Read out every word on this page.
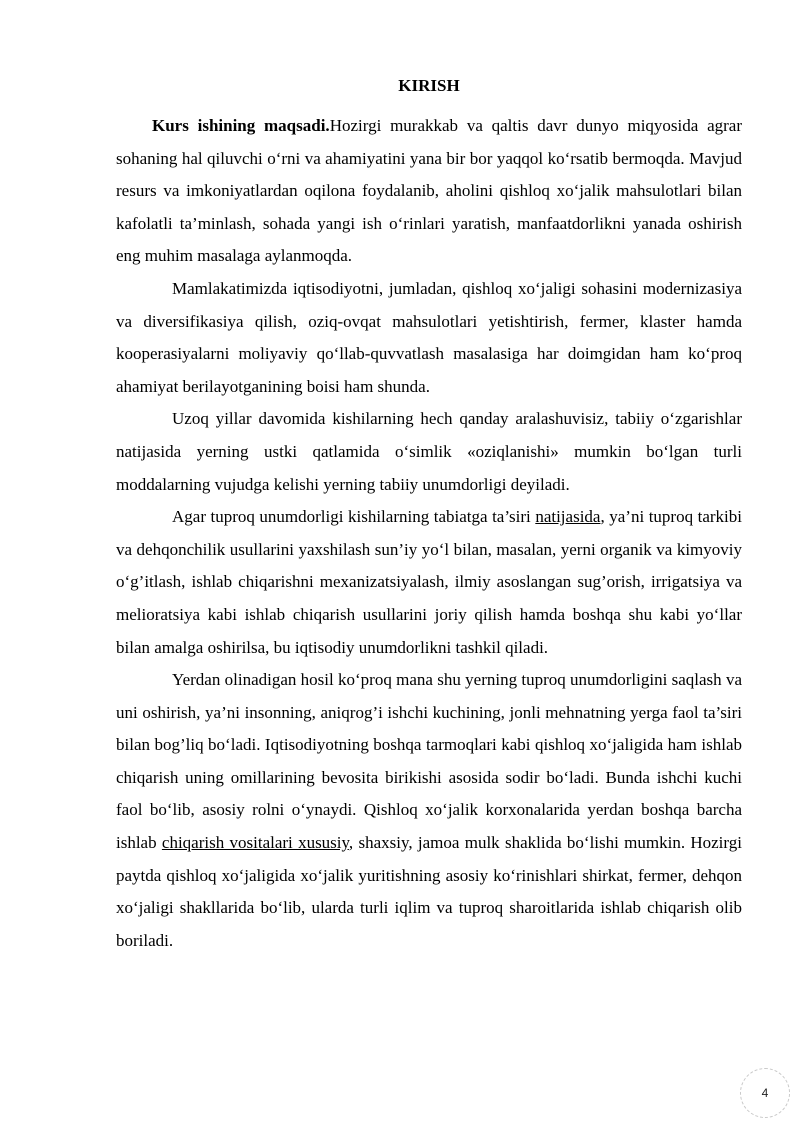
KIRISH

Kurs ishining maqsadi.Hozirgi murakkab va qaltis davr dunyo miqyosida agrar sohaning hal qiluvchi o‘rni va ahamiyatini yana bir bor yaqqol ko‘rsatib bermoqda. Mavjud resurs va imkoniyatlardan oqilona foydalanib, aholini qishloq xo‘jalik mahsulotlari bilan kafolatli ta’minlash, sohada yangi ish o‘rinlari yaratish, manfaatdorlikni yanada oshirish eng muhim masalaga aylanmoqda.

Mamlakatimizda iqtisodiyotni, jumladan, qishloq xo‘jaligi sohasini modernizasiya va diversifikasiya qilish, oziq-ovqat mahsulotlari yetishtirish, fermer, klaster hamda kooperasiyalarni moliyaviy qo‘llab-quvvatlash masalasiga har doimgidan ham ko‘proq ahamiyat berilayotganining boisi ham shunda.

Uzoq yillar davomida kishilarning hech qanday aralashuvisiz, tabiiy o‘zgarishlar natijasida yerning ustki qatlamida o‘simlik «oziqlanishi» mumkin bo‘lgan turli moddalarning vujudga kelishi yerning tabiiy unumdorligi deyiladi.

Agar tuproq unumdorligi kishilarning tabiatga ta’siri natijasida, ya’ni tuproq tarkibi va dehqonchilik usullarini yaxshilash sun’iy yo‘l bilan, masalan, yerni organik va kimyoviy o‘g’itlash, ishlab chiqarishni mexanizatsiyalash, ilmiy asoslangan sug’orish, irrigatsiya va melioratsiya kabi ishlab chiqarish usullarini joriy qilish hamda boshqa shu kabi yo‘llar bilan amalga oshirilsa, bu iqtisodiy unumdorlikni tashkil qiladi.

Yerdan olinadigan hosil ko‘proq mana shu yerning tuproq unumdorligini saqlash va uni oshirish, ya’ni insonning, aniqrog’i ishchi kuchining, jonli mehnatning yerga faol ta’siri bilan bog’liq bo‘ladi. Iqtisodiyotning boshqa tarmoqlari kabi qishloq xo‘jaligida ham ishlab chiqarish uning omillarining bevosita birikishi asosida sodir bo‘ladi. Bunda ishchi kuchi faol bo‘lib, asosiy rolni o‘ynaydi. Qishloq xo‘jalik korxonalarida yerdan boshqa barcha ishlab chiqarish vositalari xususiy, shaxsiy, jamoa mulk shaklida bo‘lishi mumkin. Hozirgi paytda qishloq xo‘jaligida xo‘jalik yuritishning asosiy ko‘rinishlari shirkat, fermer, dehqon xo‘jaligi shakllarida bo‘lib, ularda turli iqlim va tuproq sharoitlarida ishlab chiqarish olib boriladi.

4
